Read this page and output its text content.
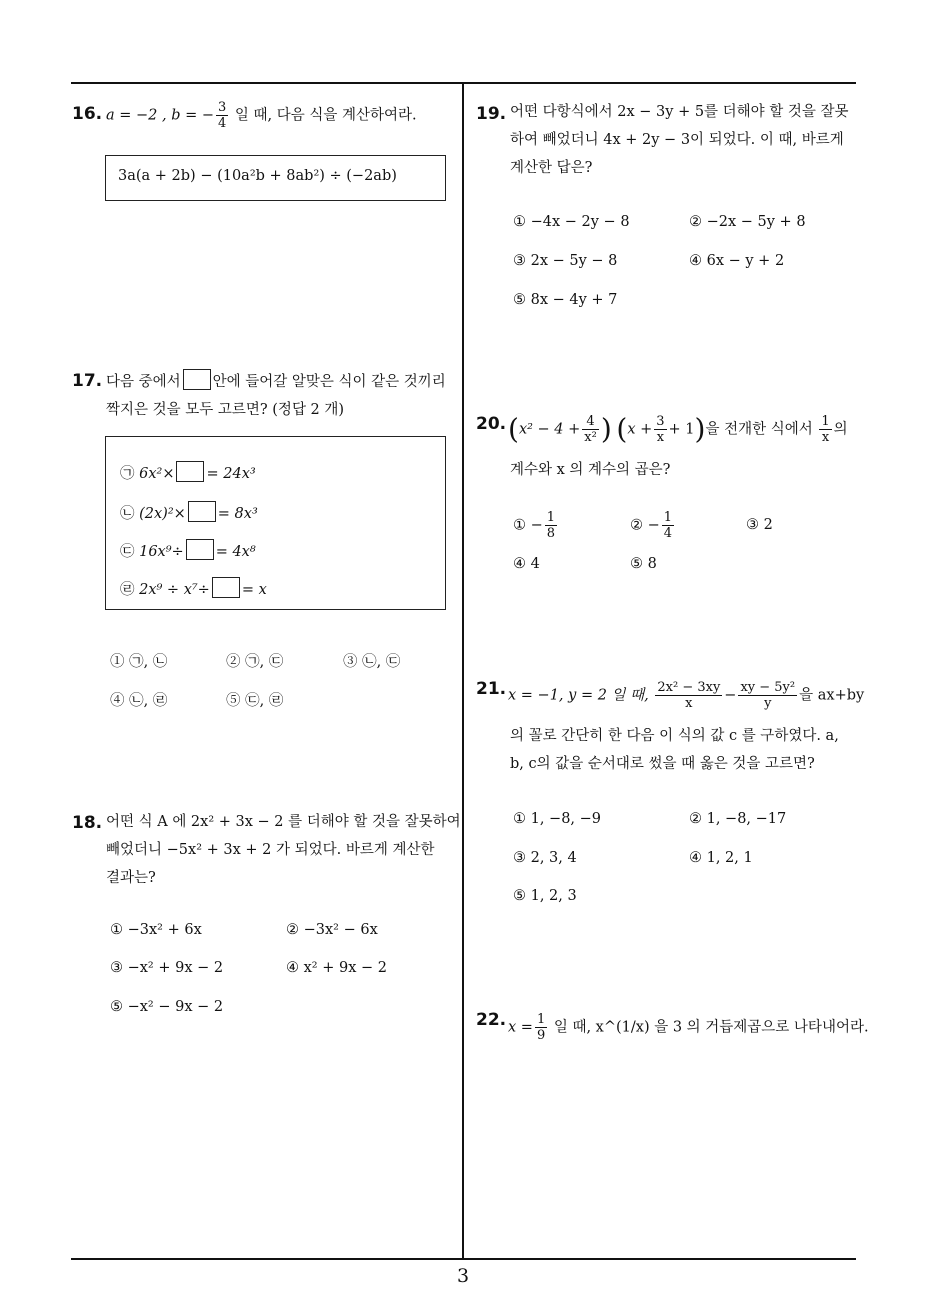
16. a = −2 , b = − $\frac{3}{4}$ 일 때, 다음 식을 계산하여라.
3a(a + 2b) − (10a²b + 8ab²) ÷ (−2ab)
17. 다음 중에서 안에 들어갈 알맞은 식이 같은 것끼리
짝지은 것을 모두 고르면? (정답 2 개)
㉠ 6x²× = 24x³
㉡ (2x)²× = 8x³
㉢ 16x⁹÷ = 4x⁸
㉣ 2x⁹ ÷ x⁷÷ = x
① ㉠, ㉡	② ㉠, ㉢	③ ㉡, ㉢
④ ㉡, ㉣	⑤ ㉢, ㉣
18. 어떤 식 A 에 2x² + 3x − 2 를 더해야 할 것을 잘못하여
빼었더니 −5x² + 3x + 2 가 되었다. 바르게 계산한
결과는?
① −3x² + 6x	② −3x² − 6x
③ −x² + 9x − 2	④ x² + 9x − 2
⑤ −x² − 9x − 2
19. 어떤 다항식에서 2x − 3y + 5를 더해야 할 것을 잘못
하여 빼었더니 4x + 2y − 3이 되었다. 이 때, 바르게
계산한 답은?
① −4x − 2y − 8	② −2x − 5y + 8
③ 2x − 5y − 8	④ 6x − y + 2
⑤ 8x − 4y + 7
20. ($x^2 - 4 + \frac{4}{\text{x²}}$ ) $(x + \frac{3}{x} + 1)$을 전개한 식에서 $\frac{1}{x}$ 의
계수와 x 의 계수의 곱은?
① − $\frac{1}{8}$	② − $\frac{1}{4}$	③ 2
④ 4	⑤ 8
21. x = −1, y = 2 일 때, $\frac{\text{2x² − 3xy}}{x} - \frac{\text{xy − 5y²}}{y}$ 을 ax+by
의 꼴로 간단히 한 다음 이 식의 값 c 를 구하였다. a,
b, c의 값을 순서대로 썼을 때 옳은 것을 고르면?
① 1, −8, −9	② 1, −8, −17
③ 2, 3, 4	④ 1, 2, 1
⑤ 1, 2, 3
22. $x = \frac{1}{9}$ 일 때, x^(1/x) 을 3 의 거듭제곱으로 나타내어라.
3
